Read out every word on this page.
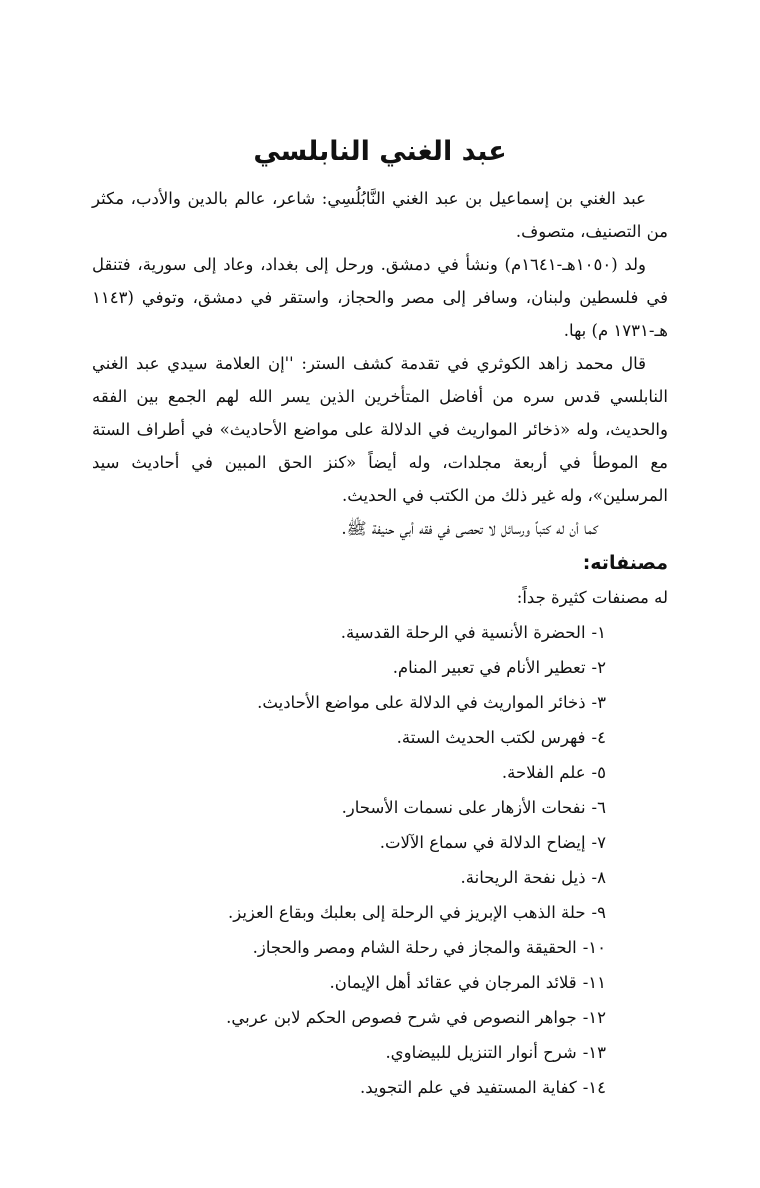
عبد الغني النابلسي

عبد الغني بن إسماعيل بن عبد الغني النَّابُلُسِي: شاعر، عالم بالدين والأدب، مكثر من التصنيف، متصوف.

ولد (١٠٥٠هـ-١٦٤١م) ونشأ في دمشق. ورحل إلى بغداد، وعاد إلى سورية، فتنقل في فلسطين ولبنان، وسافر إلى مصر والحجاز، واستقر في دمشق، وتوفي (١١٤٣ هـ-١٧٣١ م) بها.

قال محمد زاهد الكوثري في تقدمة كشف الستر: ''إن العلامة سيدي عبد الغني النابلسي قدس سره من أفاضل المتأخرين الذين يسر الله لهم الجمع بين الفقه والحديث، وله «ذخائر المواريث في الدلالة على مواضع الأحاديث» في أطراف الستة مع الموطأ في أربعة مجلدات، وله أيضاً «كنز الحق المبين في أحاديث سيد المرسلين»، وله غير ذلك من الكتب في الحديث.

كما أن له كتباً ورسائل لا تحصى في فقه أبي حنيفة ﷺ.

مصنفاته:

له مصنفات كثيرة جداً:

١-الحضرة الأنسية في الرحلة القدسية.
٢-تعطير الأنام في تعبير المنام.
٣-ذخائر المواريث في الدلالة على مواضع الأحاديث.
٤-فهرس لكتب الحديث الستة.
٥-علم الفلاحة.
٦-نفحات الأزهار على نسمات الأسحار.
٧-إيضاح الدلالة في سماع الآلات.
٨-ذيل نفحة الريحانة.
٩-حلة الذهب الإبريز في الرحلة إلى بعلبك وبقاع العزيز.
١٠-الحقيقة والمجاز في رحلة الشام ومصر والحجاز.
١١-قلائد المرجان في عقائد أهل الإيمان.
١٢-جواهر النصوص في شرح فصوص الحكم لابن عربي.
١٣-شرح أنوار التنزيل للبيضاوي.
١٤-كفاية المستفيد في علم التجويد.
